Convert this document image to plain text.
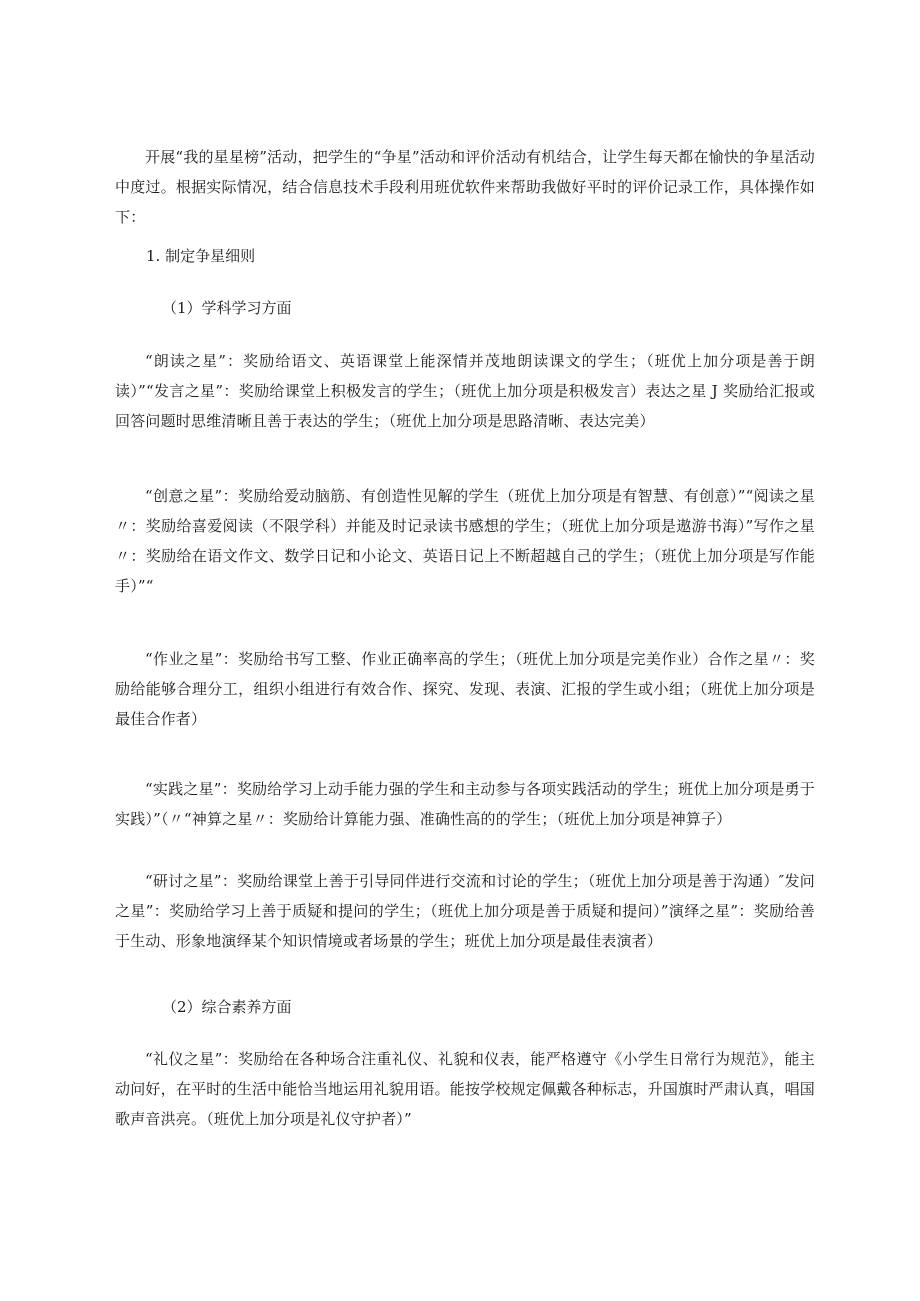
开展“我的星星榜”活动，把学生的“争星”活动和评价活动有机结合，让学生每天都在愉快的争星活动中度过。根据实际情况，结合信息技术手段利用班优软件来帮助我做好平时的评价记录工作，具体操作如下：

1. 制定争星细则

（1）学科学习方面

“朗读之星”：奖励给语文、英语课堂上能深情并茂地朗读课文的学生；（班优上加分项是善于朗读）”“发言之星”：奖励给课堂上积极发言的学生；（班优上加分项是积极发言）表达之星 J 奖励给汇报或回答问题时思维清晰且善于表达的学生；（班优上加分项是思路清晰、表达完美）

“创意之星”：奖励给爱动脑筋、有创造性见解的学生（班优上加分项是有智慧、有创意）”“阅读之星〃：奖励给喜爱阅读（不限学科）并能及时记录读书感想的学生；（班优上加分项是遨游书海）”写作之星〃：奖励给在语文作文、数学日记和小论文、英语日记上不断超越自己的学生；（班优上加分项是写作能手）”“

“作业之星”：奖励给书写工整、作业正确率高的学生；（班优上加分项是完美作业）合作之星〃：奖励给能够合理分工，组织小组进行有效合作、探究、发现、表演、汇报的学生或小组；（班优上加分项是最佳合作者）

“实践之星”：奖励给学习上动手能力强的学生和主动参与各项实践活动的学生；班优上加分项是勇于实践）”（〃“神算之星〃：奖励给计算能力强、准确性高的的学生；（班优上加分项是神算子）

“研讨之星”：奖励给课堂上善于引导同伴进行交流和讨论的学生；（班优上加分项是善于沟通）″发问之星”：奖励给学习上善于质疑和提问的学生；（班优上加分项是善于质疑和提问）”演绎之星”：奖励给善于生动、形象地演绎某个知识情境或者场景的学生；班优上加分项是最佳表演者）

（2）综合素养方面

“礼仪之星”：奖励给在各种场合注重礼仪、礼貌和仪表，能严格遵守《小学生日常行为规范》，能主动问好，在平时的生活中能恰当地运用礼貌用语。能按学校规定佩戴各种标志，升国旗时严肃认真，唱国歌声音洪亮。（班优上加分项是礼仪守护者）”
